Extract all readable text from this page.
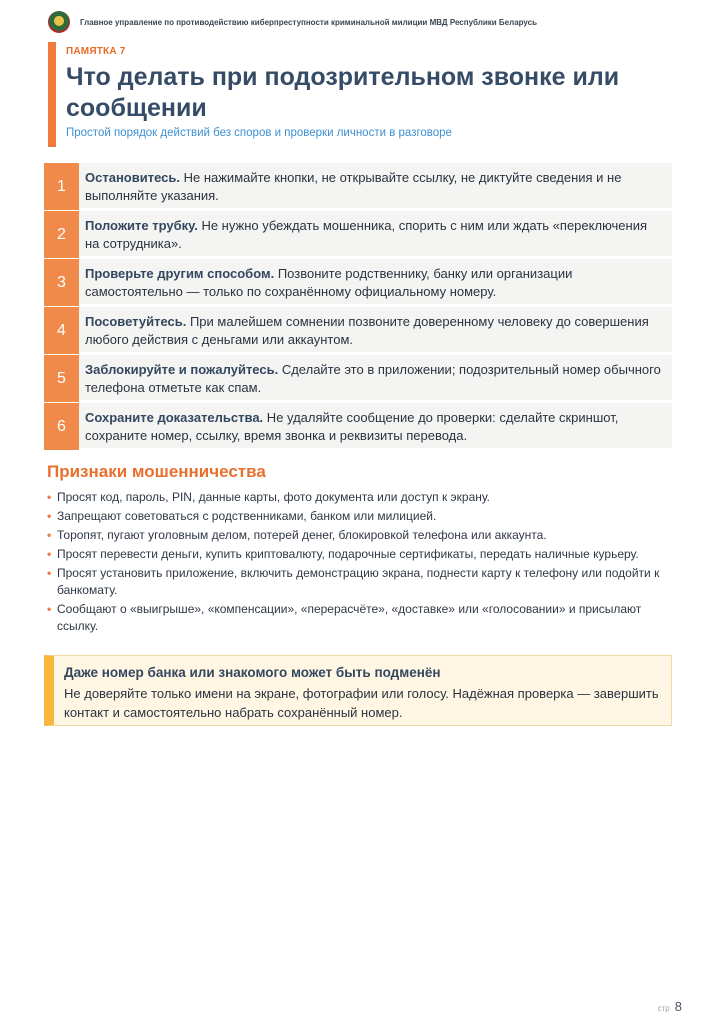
Главное управление по противодействию киберпреступности криминальной милиции МВД Республики Беларусь
ПАМЯТКА 7
Что делать при подозрительном звонке или сообщении
Простой порядок действий без споров и проверки личности в разговоре
1	Остановитесь. Не нажимайте кнопки, не открывайте ссылку, не диктуйте сведения и не выполняйте указания.
2	Положите трубку. Не нужно убеждать мошенника, спорить с ним или ждать «переключения на сотрудника».
3	Проверьте другим способом. Позвоните родственнику, банку или организации самостоятельно — только по сохранённому официальному номеру.
4	Посоветуйтесь. При малейшем сомнении позвоните доверенному человеку до совершения любого действия с деньгами или аккаунтом.
5	Заблокируйте и пожалуйтесь. Сделайте это в приложении; подозрительный номер обычного телефона отметьте как спам.
6	Сохраните доказательства. Не удаляйте сообщение до проверки: сделайте скриншот, сохраните номер, ссылку, время звонка и реквизиты перевода.
Признаки мошенничества
• Просят код, пароль, PIN, данные карты, фото документа или доступ к экрану.
• Запрещают советоваться с родственниками, банком или милицией.
• Торопят, пугают уголовным делом, потерей денег, блокировкой телефона или аккаунта.
• Просят перевести деньги, купить криптовалюту, подарочные сертификаты, передать наличные курьеру.
• Просят установить приложение, включить демонстрацию экрана, поднести карту к телефону или подойти к банкомату.
• Сообщают о «выигрыше», «компенсации», «перерасчёте», «доставке» или «голосовании» и присылают ссылку.
Даже номер банка или знакомого может быть подменён
Не доверяйте только имени на экране, фотографии или голосу. Надёжная проверка — завершить контакт и самостоятельно набрать сохранённый номер.
стр 8
